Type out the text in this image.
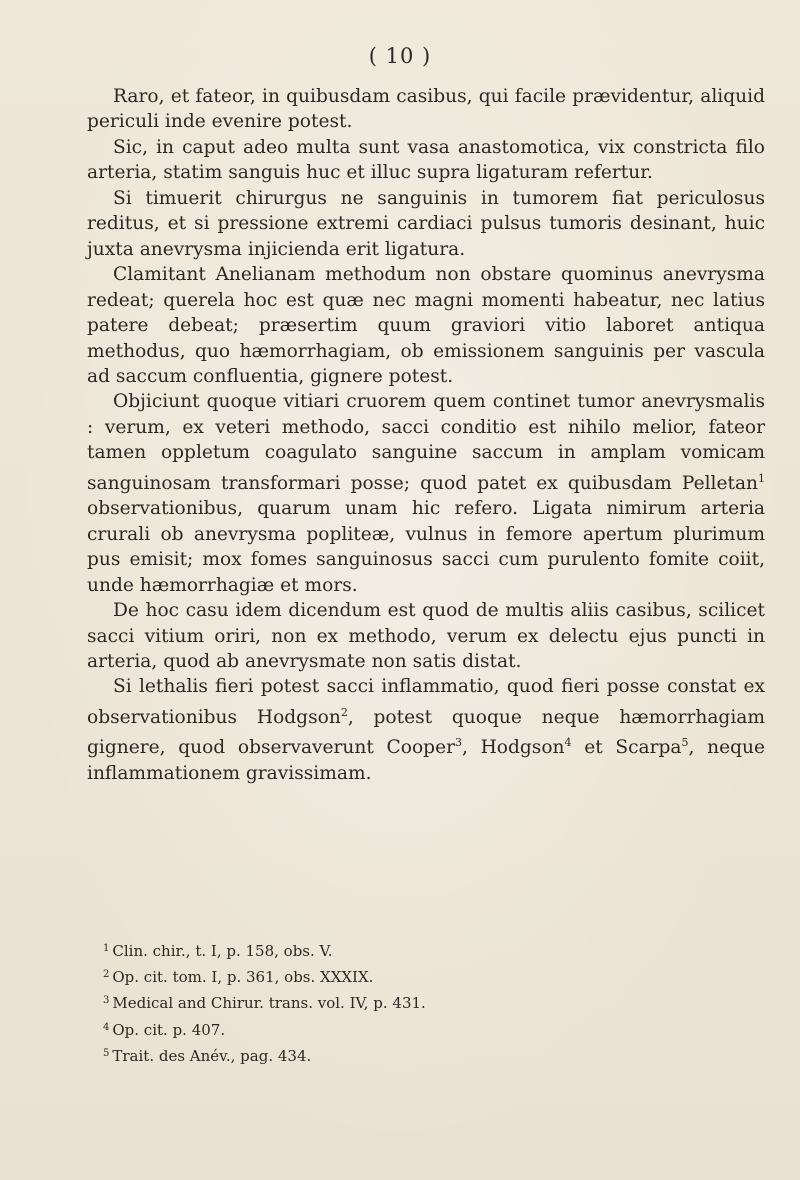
( 10 )

Raro, et fateor, in quibusdam casibus, qui facile prævidentur, aliquid periculi inde evenire potest.

Sic, in caput adeo multa sunt vasa anastomotica, vix constricta filo arteria, statim sanguis huc et illuc supra ligaturam refertur.

Si timuerit chirurgus ne sanguinis in tumorem fiat periculosus reditus, et si pressione extremi cardiaci pulsus tumoris desinant, huic juxta anevrysma injicienda erit ligatura.

Clamitant Anelianam methodum non obstare quominus anevrysma redeat; querela hoc est quæ nec magni momenti habeatur, nec latius patere debeat; præsertim quum graviori vitio laboret antiqua methodus, quo hæmorrhagiam, ob emissionem sanguinis per vascula ad saccum confluentia, gignere potest.

Objiciunt quoque vitiari cruorem quem continet tumor anevrysmalis : verum, ex veteri methodo, sacci conditio est nihilo melior, fateor tamen oppletum coagulato sanguine saccum in amplam vomicam sanguinosam transformari posse; quod patet ex quibusdam Pelletan$^1$ observationibus, quarum unam hic refero. Ligata nimirum arteria crurali ob anevrysma popliteæ, vulnus in femore apertum plurimum pus emisit; mox fomes sanguinosus sacci cum purulento fomite coiit, unde hæmorrhagiæ et mors.

De hoc casu idem dicendum est quod de multis aliis casibus, scilicet sacci vitium oriri, non ex methodo, verum ex delectu ejus puncti in arteria, quod ab anevrysmate non satis distat.

Si lethalis fieri potest sacci inflammatio, quod fieri posse constat ex observationibus Hodgson$^2$, potest quoque neque hæmorrhagiam gignere, quod observaverunt Cooper$^3$, Hodgson$^4$ et Scarpa$^5$, neque inflammationem gravissimam.

$^1$ Clin. chir., t. I, p. 158, obs. V.

$^2$ Op. cit. tom. I, p. 361, obs. XXXIX.

$^3$ Medical and Chirur. trans. vol. IV, p. 431.

$^4$ Op. cit. p. 407.

$^5$ Trait. des Anév., pag. 434.
